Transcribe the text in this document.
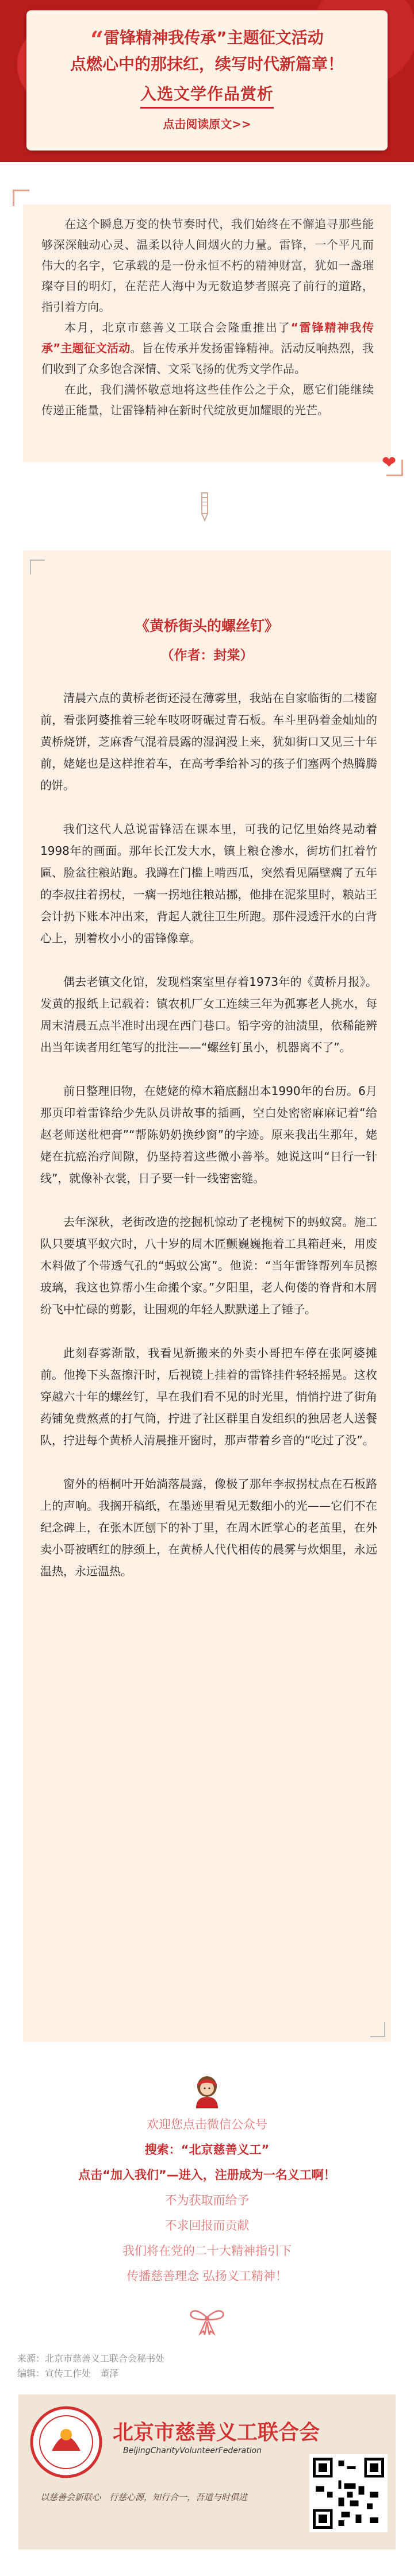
“雷锋精神我传承”主题征文活动
点燃心中的那抹红，续写时代新篇章！
入选文学作品赏析
点击阅读原文>>

在这个瞬息万变的快节奏时代，我们始终在不懈追寻那些能够深深触动心灵、温柔以待人间烟火的力量。雷锋，一个平凡而伟大的名字，它承载的是一份永恒不朽的精神财富，犹如一盏璀璨夺目的明灯，在茫茫人海中为无数追梦者照亮了前行的道路，指引着方向。

本月，北京市慈善义工联合会隆重推出了“雷锋精神我传承”主题征文活动。旨在传承并发扬雷锋精神。活动反响热烈，我们收到了众多饱含深情、文采飞扬的优秀文学作品。

在此，我们满怀敬意地将这些佳作公之于众，愿它们能继续传递正能量，让雷锋精神在新时代绽放更加耀眼的光芒。

❤
《黄桥街头的螺丝钉》
（作者：封棠）

清晨六点的黄桥老街还浸在薄雾里，我站在自家临街的二楼窗前，看张阿婆推着三轮车吱呀呀碾过青石板。车斗里码着金灿灿的黄桥烧饼，芝麻香气混着晨露的湿润漫上来，犹如街口又见三十年前，姥姥也是这样推着车，在高考季给补习的孩子们塞两个热腾腾的饼。

我们这代人总说雷锋活在课本里，可我的记忆里始终晃动着1998年的画面。那年长江发大水，镇上粮仓渗水，街坊们扛着竹匾、脸盆往粮站跑。我蹲在门槛上啃西瓜，突然看见隔壁瘸了五年的李叔拄着拐杖，一瘸一拐地往粮站挪，他排在泥浆里时，粮站王会计扔下账本冲出来，背起人就往卫生所跑。那件浸透汗水的白背心上，别着枚小小的雷锋像章。

偶去老镇文化馆，发现档案室里存着1973年的《黄桥月报》。发黄的报纸上记载着：镇农机厂女工连续三年为孤寡老人挑水，每周末清晨五点半准时出现在西门巷口。铅字旁的油渍里，依稀能辨出当年读者用红笔写的批注——“螺丝钉虽小，机器离不了”。

前日整理旧物，在姥姥的樟木箱底翻出本1990年的台历。6月那页印着雷锋给少先队员讲故事的插画，空白处密密麻麻记着“给赵老师送枇杷膏”“帮陈奶奶换纱窗”的字迹。原来我出生那年，姥姥在抗癌治疗间隙，仍坚持着这些微小善举。她说这叫“日行一针线”，就像补衣裳，日子要一针一线密密缝。

去年深秋，老街改造的挖掘机惊动了老槐树下的蚂蚁窝。施工队只要填平蚁穴时，八十岁的周木匠颤巍巍拖着工具箱赶来，用废木料做了个带透气孔的“蚂蚁公寓”。他说：“当年雷锋帮列车员擦玻璃，我这也算帮小生命搬个家。”夕阳里，老人佝偻的脊背和木屑纷飞中忙碌的剪影，让围观的年轻人默默递上了锤子。

此刻春雾渐散，我看见新搬来的外卖小哥把车停在张阿婆摊前。他搀下头盔擦汗时，后视镜上挂着的雷锋挂件轻轻摇晃。这枚穿越六十年的螺丝钉，早在我们看不见的时光里，悄悄拧进了街角药铺免费熬煮的打气筒，拧进了社区群里自发组织的独居老人送餐队，拧进每个黄桥人清晨推开窗时，那声带着乡音的“吃过了没”。

窗外的梧桐叶开始淌落晨露，像极了那年李叔拐杖点在石板路上的声响。我搁开稿纸，在墨迹里看见无数细小的光——它们不在纪念碑上，在张木匠刨下的补丁里，在周木匠掌心的老茧里，在外卖小哥被晒红的脖颈上，在黄桥人代代相传的晨雾与炊烟里，永远温热，永远温热。

欢迎您点击微信公众号
搜索：“北京慈善义工”
点击“加入我们”—进入，注册成为一名义工啊！
不为获取而给予
不求回报而贡献
我们将在党的二十大精神指引下
传播慈善理念 弘扬义工精神！
来源：北京市慈善义工联合会秘书处
编辑：宣传工作处　董泽
北京市慈善义工联合会
BeijingCharityVolunteerFederation
以慈善会新联心　行慈心源，知行合一，吾道与时俱进
